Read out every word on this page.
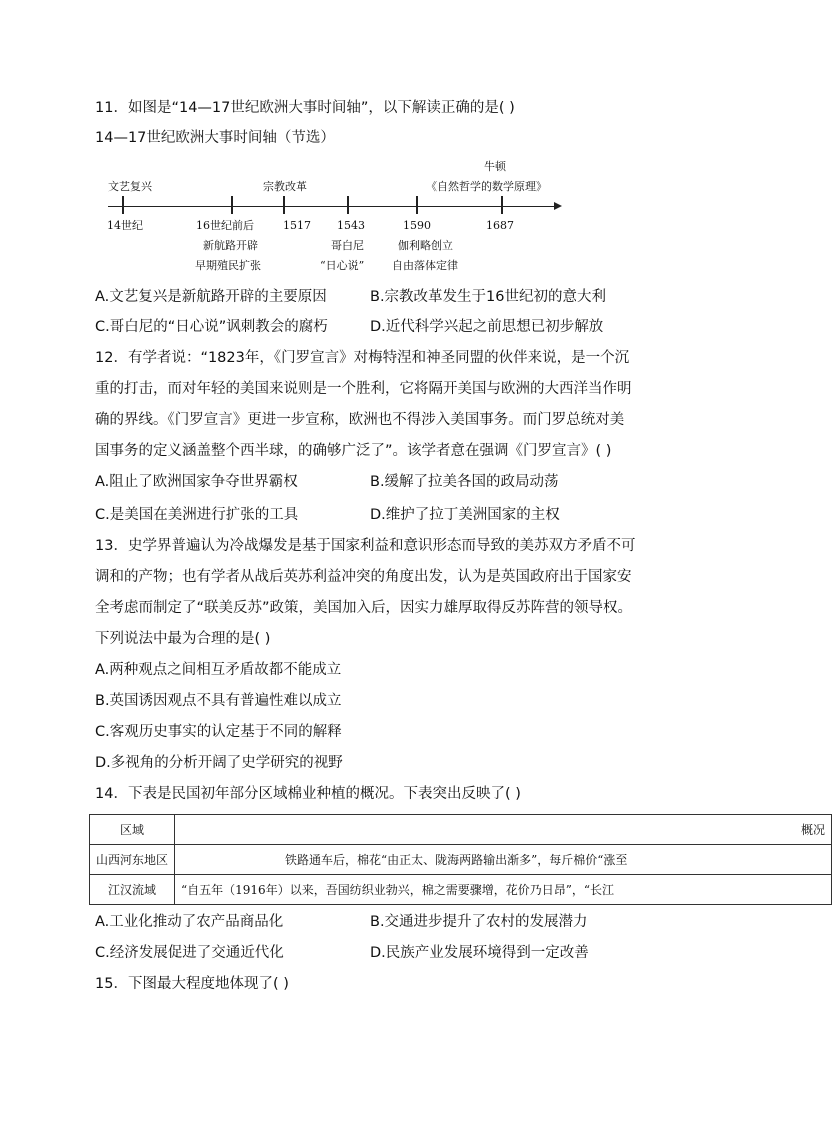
11．如图是“14—17世纪欧洲大事时间轴”，以下解读正确的是( )
14—17世纪欧洲大事时间轴（节选）
牛顿
文艺复兴	宗教改革	《自然哲学的数学原理》
14世纪	16世纪前后	1517 1543	1590	1687
新航路开辟
早期殖民扩张
哥白尼
“日心说”
伽利略创立
自由落体定律
A.文艺复兴是新航路开辟的主要原因	B.宗教改革发生于16世纪初的意大利
C.哥白尼的“日心说”讽刺教会的腐朽	D.近代科学兴起之前思想已初步解放
12．有学者说：“1823年，《门罗宣言》对梅特涅和神圣同盟的伙伴来说，是一个沉
重的打击，而对年轻的美国来说则是一个胜利，它将隔开美国与欧洲的大西洋当作明
确的界线。《门罗宣言》更进一步宣称，欧洲也不得涉入美国事务。而门罗总统对美
国事务的定义涵盖整个西半球，的确够广泛了”。该学者意在强调《门罗宣言》( )
A.阻止了欧洲国家争夺世界霸权	B.缓解了拉美各国的政局动荡
C.是美国在美洲进行扩张的工具	D.维护了拉丁美洲国家的主权
13．史学界普遍认为冷战爆发是基于国家利益和意识形态而导致的美苏双方矛盾不可
调和的产物；也有学者从战后英苏利益冲突的角度出发，认为是英国政府出于国家安
全考虑而制定了“联美反苏”政策，美国加入后，因实力雄厚取得反苏阵营的领导权。
下列说法中最为合理的是( )
A.两种观点之间相互矛盾故都不能成立
B.英国诱因观点不具有普遍性难以成立
C.客观历史事实的认定基于不同的解释
D.多视角的分析开阔了史学研究的视野
14．下表是民国初年部分区域棉业种植的概况。下表突出反映了( )
区域	概况
山西河东地区	铁路通车后，棉花“由正太、陇海两路输出渐多”，每斤棉价“涨至
江汉流域	“自五年（1916年）以来，吾国纺织业勃兴，棉之需要骤增，花价乃日昂”，“长江
A.工业化推动了农产品商品化	B.交通进步提升了农村的发展潜力
C.经济发展促进了交通近代化	D.民族产业发展环境得到一定改善
15．下图最大程度地体现了( )
